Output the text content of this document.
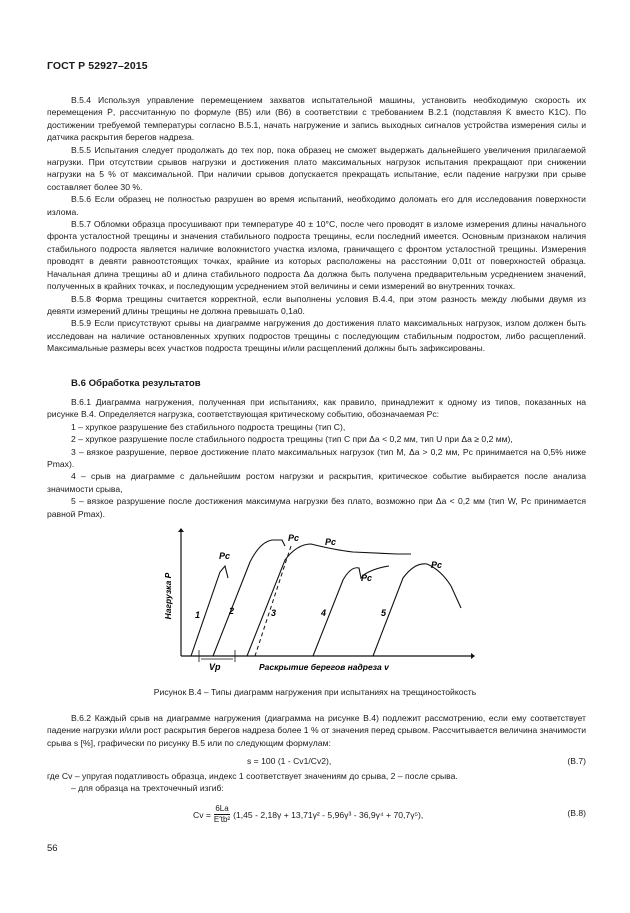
ГОСТ Р 52927–2015

В.5.4 Используя управление перемещением захватов испытательной машины, установить необходимую скорость их перемещения Ṗ, рассчитанную по формуле (В5) или (В6) в соответствии с требованием В.2.1 (подставляя K̇ вместо K1C). По достижении требуемой температуры согласно В.5.1, начать нагружение и запись выходных сигналов устройства измерения силы и датчика раскрытия берегов надреза.

В.5.5 Испытания следует продолжать до тех пор, пока образец не сможет выдержать дальнейшего увеличения прилагаемой нагрузки. При отсутствии срывов нагрузки и достижения плато максимальных нагрузок испытания прекращают при снижении нагрузки на 5 % от максимальной. При наличии срывов допускается прекращать испытание, если падение нагрузки при срыве составляет более 30 %.

В.5.6 Если образец не полностью разрушен во время испытаний, необходимо доломать его для исследования поверхности излома.

В.5.7 Обломки образца просушивают при температуре 40 ± 10°С, после чего проводят в изломе измерения длины начального фронта усталостной трещины и значения стабильного подроста трещины, если последний имеется. Основным признаком наличия стабильного подроста является наличие волокнистого участка излома, граничащего с фронтом усталостной трещины. Измерения проводят в девяти равноотстоящих точках, крайние из которых расположены на расстоянии 0,01t от поверхностей образца. Начальная длина трещины a0 и длина стабильного подроста Δa должна быть получена предварительным усреднением значений, полученных в крайних точках, и последующим усреднением этой величины и семи измерений во внутренних точках.

В.5.8 Форма трещины считается корректной, если выполнены условия В.4.4, при этом разность между любыми двумя из девяти измерений длины трещины не должна превышать 0,1a0.

В.5.9 Если присутствуют срывы на диаграмме нагружения до достижения плато максимальных нагрузок, излом должен быть исследован на наличие остановленных хрупких подростов трещины с последующим стабильным подростом, либо расщеплений. Максимальные размеры всех участков подроста трещины и/или расщеплений должны быть зафиксированы.

В.6 Обработка результатов

В.6.1 Диаграмма нагружения, полученная при испытаниях, как правило, принадлежит к одному из типов, показанных на рисунке В.4. Определяется нагрузка, соответствующая критическому событию, обозначаемая Pc:

1 – хрупкое разрушение без стабильного подроста трещины (тип С),

2 – хрупкое разрушение после стабильного подроста трещины (тип С при Δa < 0,2 мм, тип U при Δa ≥ 0,2 мм),

3 – вязкое разрушение, первое достижение плато максимальных нагрузок (тип М, Δa > 0,2 мм, Pc принимается на 0,5% ниже Pmax).

4 – срыв на диаграмме с дальнейшим ростом нагрузки и раскрытия, критическое событие выбирается после анализа значимости срыва,

5 – вязкое разрушение после достижения максимума нагрузки без плато, возможно при Δa < 0,2 мм (тип W, Pc принимается равной Pmax).

Vp
Нагрузка P
Раскрытие берегов надреза v
1	2	3	4	5
Pc
Pc	Pc
Pc
Pc
Рисунок В.4 – Типы диаграмм нагружения при испытаниях на трещиностойкость

В.6.2 Каждый срыв на диаграмме нагружения (диаграмма на рисунке В.4) подлежит рассмотрению, если ему соответствует падение нагрузки и/или рост раскрытия берегов надреза более 1 % от значения перед срывом. Рассчитывается величина значимости срыва s [%], графически по рисунку В.5 или по следующим формулам:

s = 100 (1 - Cv1/Cv2),	(В.7)

где Cv – упругая податливость образца, индекс 1 соответствует значениям до срыва, 2 – после срыва.

– для образца на трехточечный изгиб:

$Cv = \frac{6La}{\text{E′tb²}} (1,45 - 2,18\gamma + 13,71\gamma^2 - 5,96\gamma^3 - 36,9\gamma^4 + 70,7\gamma^5)$,	(В.8)
56
